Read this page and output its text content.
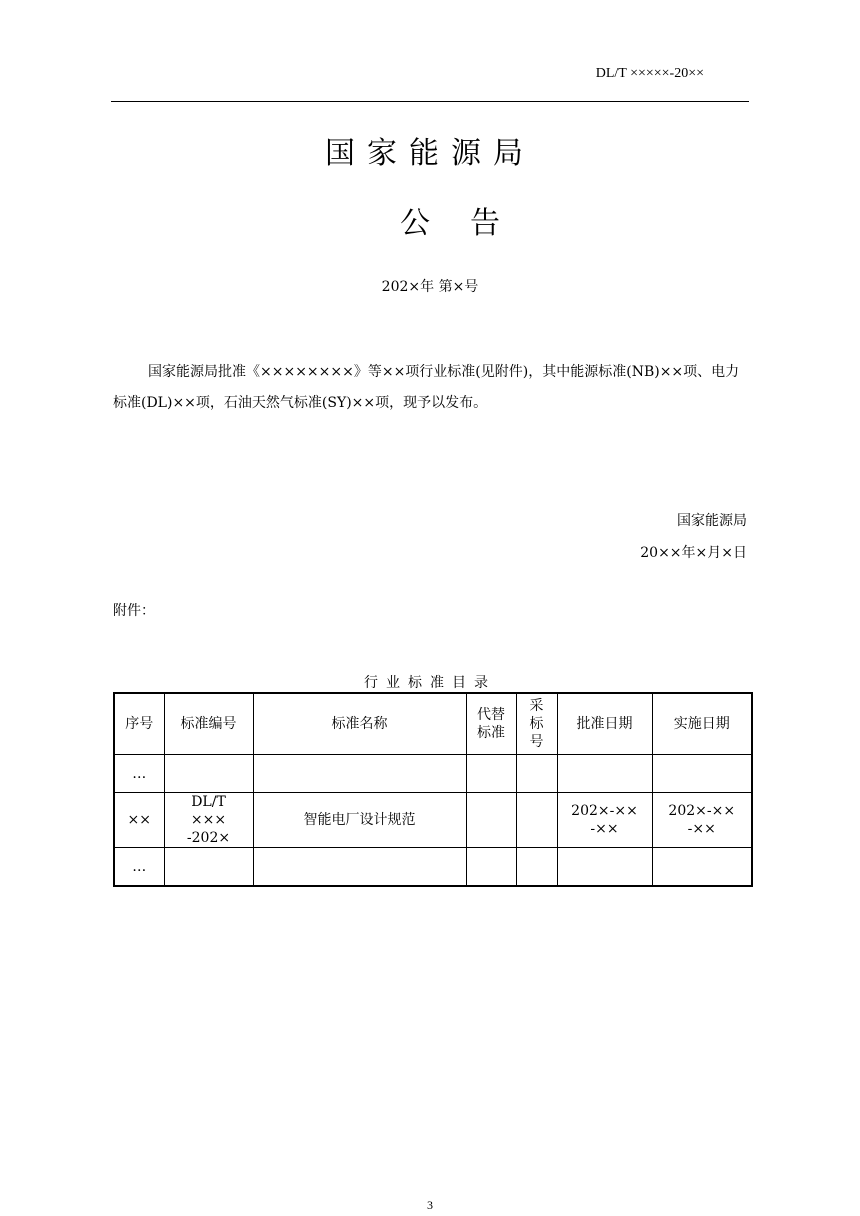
DL/T ×××××-20××
国家能源局
公告
202×年 第×号
国家能源局批准《××××××××》等××项行业标准(见附件)，其中能源标准(NB)××项、电力标准(DL)××项，石油天然气标准(SY)××项，现予以发布。
国家能源局
20××年×月×日
附件：
行业标准目录
序号	标准编号	标准名称	代替标准	采标号	批准日期	实施日期
…						
××	DL/T ××× -202×	智能电厂设计规范			202×-×× -××	202×-×× -××
…						
3
